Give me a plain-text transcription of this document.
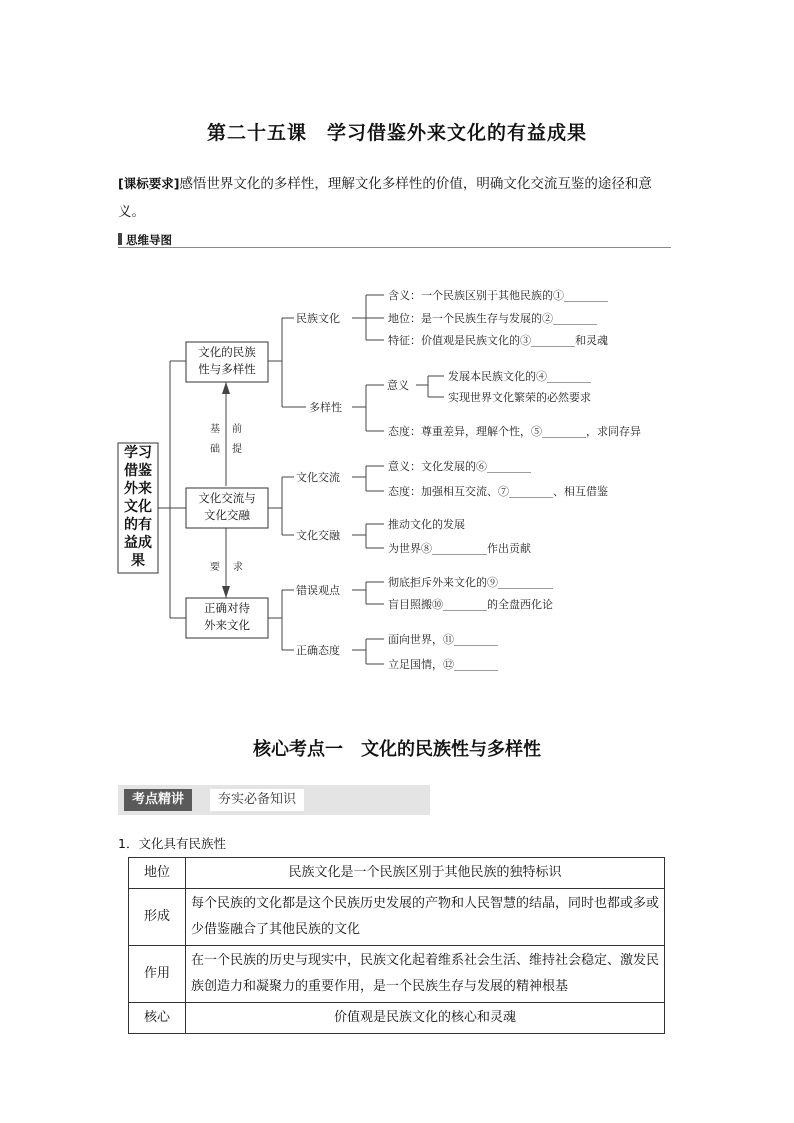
第二十五课　学习借鉴外来文化的有益成果
[课标要求]感悟世界文化的多样性，理解文化多样性的价值，明确文化交流互鉴的途径和意义。
思维导图
学习借鉴外来文化的有益成果
文化的民族性与多样性
文化交流与文化交融
正确对待外来文化
基
础
前
提
要 求
民族文化
多样性
意义
文化交流
文化交融
错误观点
正确态度
含义：一个民族区别于其他民族的①________
地位：是一个民族生存与发展的②________
特征：价值观是民族文化的③________和灵魂
发展本民族文化的④________
实现世界文化繁荣的必然要求
态度：尊重差异，理解个性，⑤________，求同存异
意义：文化发展的⑥________
态度：加强相互交流、⑦________、相互借鉴
推动文化的发展
为世界⑧__________作出贡献
彻底拒斥外来文化的⑨__________
盲目照搬⑩________的全盘西化论
面向世界，⑪________
立足国情，⑫________
核心考点一　文化的民族性与多样性
考点精讲	夯实必备知识
1．文化具有民族性
地位	民族文化是一个民族区别于其他民族的独特标识
形成	每个民族的文化都是这个民族历史发展的产物和人民智慧的结晶，同时也都或多或少借鉴融合了其他民族的文化
作用	在一个民族的历史与现实中，民族文化起着维系社会生活、维持社会稳定、激发民族创造力和凝聚力的重要作用，是一个民族生存与发展的精神根基
核心	价值观是民族文化的核心和灵魂
